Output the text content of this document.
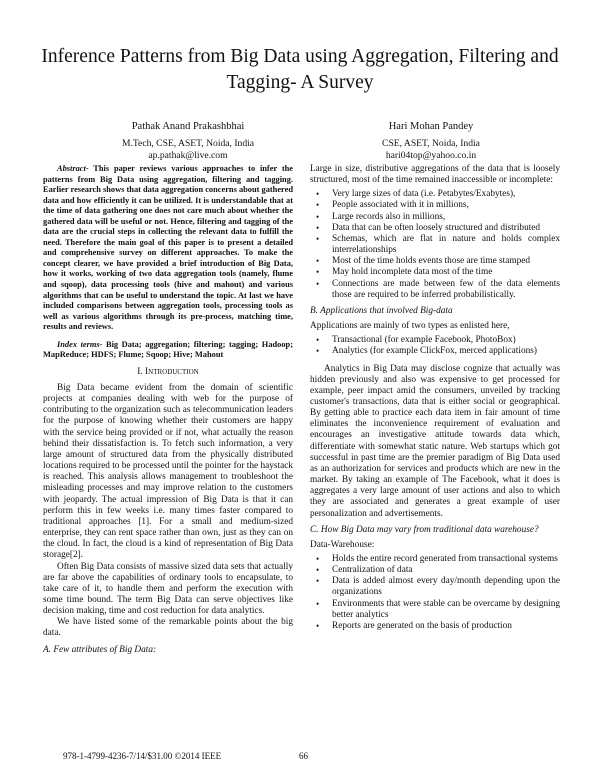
Inference Patterns from Big Data using Aggregation, Filtering and Tagging- A Survey
Pathak Anand Prakashbhai
M.Tech, CSE, ASET, Noida, India
ap.pathak@live.com
Hari Mohan Pandey
CSE, ASET, Noida, India
hari04top@yahoo.co.in

Abstract- This paper reviews various approaches to infer the patterns from Big Data using aggregation, filtering and tagging. Earlier research shows that data aggregation concerns about gathered data and how efficiently it can be utilized. It is understandable that at the time of data gathering one does not care much about whether the gathered data will be useful or not. Hence, filtering and tagging of the data are the crucial steps in collecting the relevant data to fulfill the need. Therefore the main goal of this paper is to present a detailed and comprehensive survey on different approaches. To make the concept clearer, we have provided a brief introduction of Big Data, how it works, working of two data aggregation tools (namely, flume and sqoop), data processing tools (hive and mahout) and various algorithms that can be useful to understand the topic. At last we have included comparisons between aggregation tools, processing tools as well as various algorithms through its pre-process, matching time, results and reviews.

Index terms- Big Data; aggregation; filtering; tagging; Hadoop; MapReduce; HDFS; Flume; Sqoop; Hive; Mahout

I. Introduction

Big Data became evident from the domain of scientific projects at companies dealing with web for the purpose of contributing to the organization such as telecommunication leaders for the purpose of knowing whether their customers are happy with the service being provided or if not, what actually the reason behind their dissatisfaction is. To fetch such information, a very large amount of structured data from the physically distributed locations required to be processed until the pointer for the haystack is reached. This analysis allows management to troubleshoot the misleading processes and may improve relation to the customers with jeopardy. The actual impression of Big Data is that it can perform this in few weeks i.e. many times faster compared to traditional approaches [1]. For a small and medium-sized enterprise, they can rent space rather than own, just as they can on the cloud. In fact, the cloud is a kind of representation of Big Data storage[2].

Often Big Data consists of massive sized data sets that actually are far above the capabilities of ordinary tools to encapsulate, to take care of it, to handle them and perform the execution with some time bound. The term Big Data can serve objectives like decision making, time and cost reduction for data analytics.

We have listed some of the remarkable points about the big data.

A. Few attributes of Big Data:

Large in size, distributive aggregations of the data that is loosely structured, most of the time remained inaccessible or incomplete:

• Very large sizes of data (i.e. Petabytes/Exabytes),
• People associated with it in millions,
• Large records also in millions,
• Data that can be often loosely structured and distributed
• Schemas, which are flat in nature and holds complex interrelationships
• Most of the time holds events those are time stamped
• May hold incomplete data most of the time
• Connections are made between few of the data elements those are required to be inferred probabilistically.

B. Applications that involved Big-data

Applications are mainly of two types as enlisted here,

• Transactional (for example Facebook, PhotoBox)
• Analytics (for example ClickFox, merced applications)

Analytics in Big Data may disclose cognize that actually was hidden previously and also was expensive to get processed for example, peer impact amid the consumers, unveiled by tracking customer's transactions, data that is either social or geographical. By getting able to practice each data item in fair amount of time eliminates the inconvenience requirement of evaluation and encourages an investigative attitude towards data which, differentiate with somewhat static nature. Web startups which got successful in past time are the premier paradigm of Big Data used as an authorization for services and products which are new in the market. By taking an example of The Facebook, what it does is aggregates a very large amount of user actions and also to which they are associated and generates a great example of user personalization and advertisements.

C. How Big Data may vary from traditional data warehouse?

Data-Warehouse:

• Holds the entire record generated from transactional systems
• Centralization of data
• Data is added almost every day/month depending upon the organizations
• Environments that were stable can be overcame by designing better analytics
• Reports are generated on the basis of production
978-1-4799-4236-7/14/$31.00 ©2014 IEEE	66
